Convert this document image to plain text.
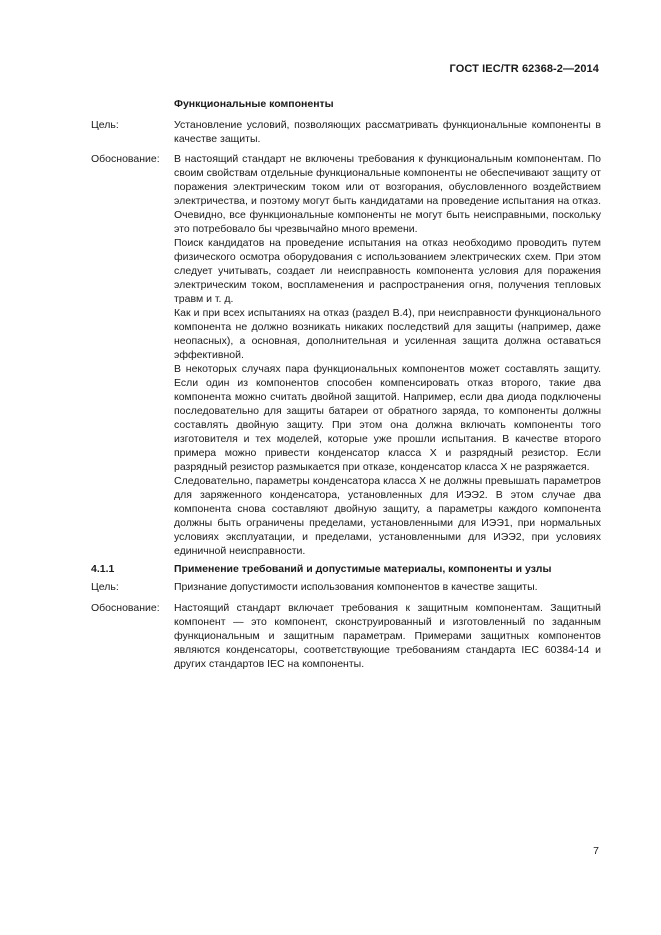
ГОСТ IEC/TR 62368-2—2014
Функциональные компоненты
Цель:	Установление условий, позволяющих рассматривать функциональные компоненты в качестве защиты.

Обоснование: В настоящий стандарт не включены требования к функциональным компонентам. По своим свойствам отдельные функциональные компоненты не обеспечивают защиту от поражения электрическим током или от возгорания, обусловленного воздействием электричества, и поэтому могут быть кандидатами на проведение испытания на отказ. Очевидно, все функциональные компоненты не могут быть неисправными, поскольку это потребовало бы чрезвычайно много времени.

Поиск кандидатов на проведение испытания на отказ необходимо проводить путем физического осмотра оборудования с использованием электрических схем. При этом следует учитывать, создает ли неисправность компонента условия для поражения электрическим током, воспламенения и распространения огня, получения тепловых травм и т. д.

Как и при всех испытаниях на отказ (раздел В.4), при неисправности функционального компонента не должно возникать никаких последствий для защиты (например, даже неопасных), а основная, дополнительная и усиленная защита должна оставаться эффективной.

В некоторых случаях пара функциональных компонентов может составлять защиту. Если один из компонентов способен компенсировать отказ второго, такие два компонента можно считать двойной защитой. Например, если два диода подключены последовательно для защиты батареи от обратного заряда, то компоненты должны составлять двойную защиту. При этом она должна включать компоненты того изготовителя и тех моделей, которые уже прошли испытания. В качестве второго примера можно привести конденсатор класса Х и разрядный резистор. Если разрядный резистор размыкается при отказе, конденсатор класса Х не разряжается.

Следовательно, параметры конденсатора класса Х не должны превышать параметров для заряженного конденсатора, установленных для ИЭЭ2. В этом случае два компонента снова составляют двойную защиту, а параметры каждого компонента должны быть ограничены пределами, установленными для ИЭЭ1, при нормальных условиях эксплуатации, и пределами, установленными для ИЭЭ2, при условиях единичной неисправности.

4.1.1	Применение требований и допустимые материалы, компоненты и узлы
Цель:	Признание допустимости использования компонентов в качестве защиты.

Обоснование: Настоящий стандарт включает требования к защитным компонентам. Защитный компонент — это компонент, сконструированный и изготовленный по заданным функциональным и защитным параметрам. Примерами защитных компонентов являются конденсаторы, соответствующие требованиям стандарта IEC 60384-14 и других стандартов IEC на компоненты.

7
